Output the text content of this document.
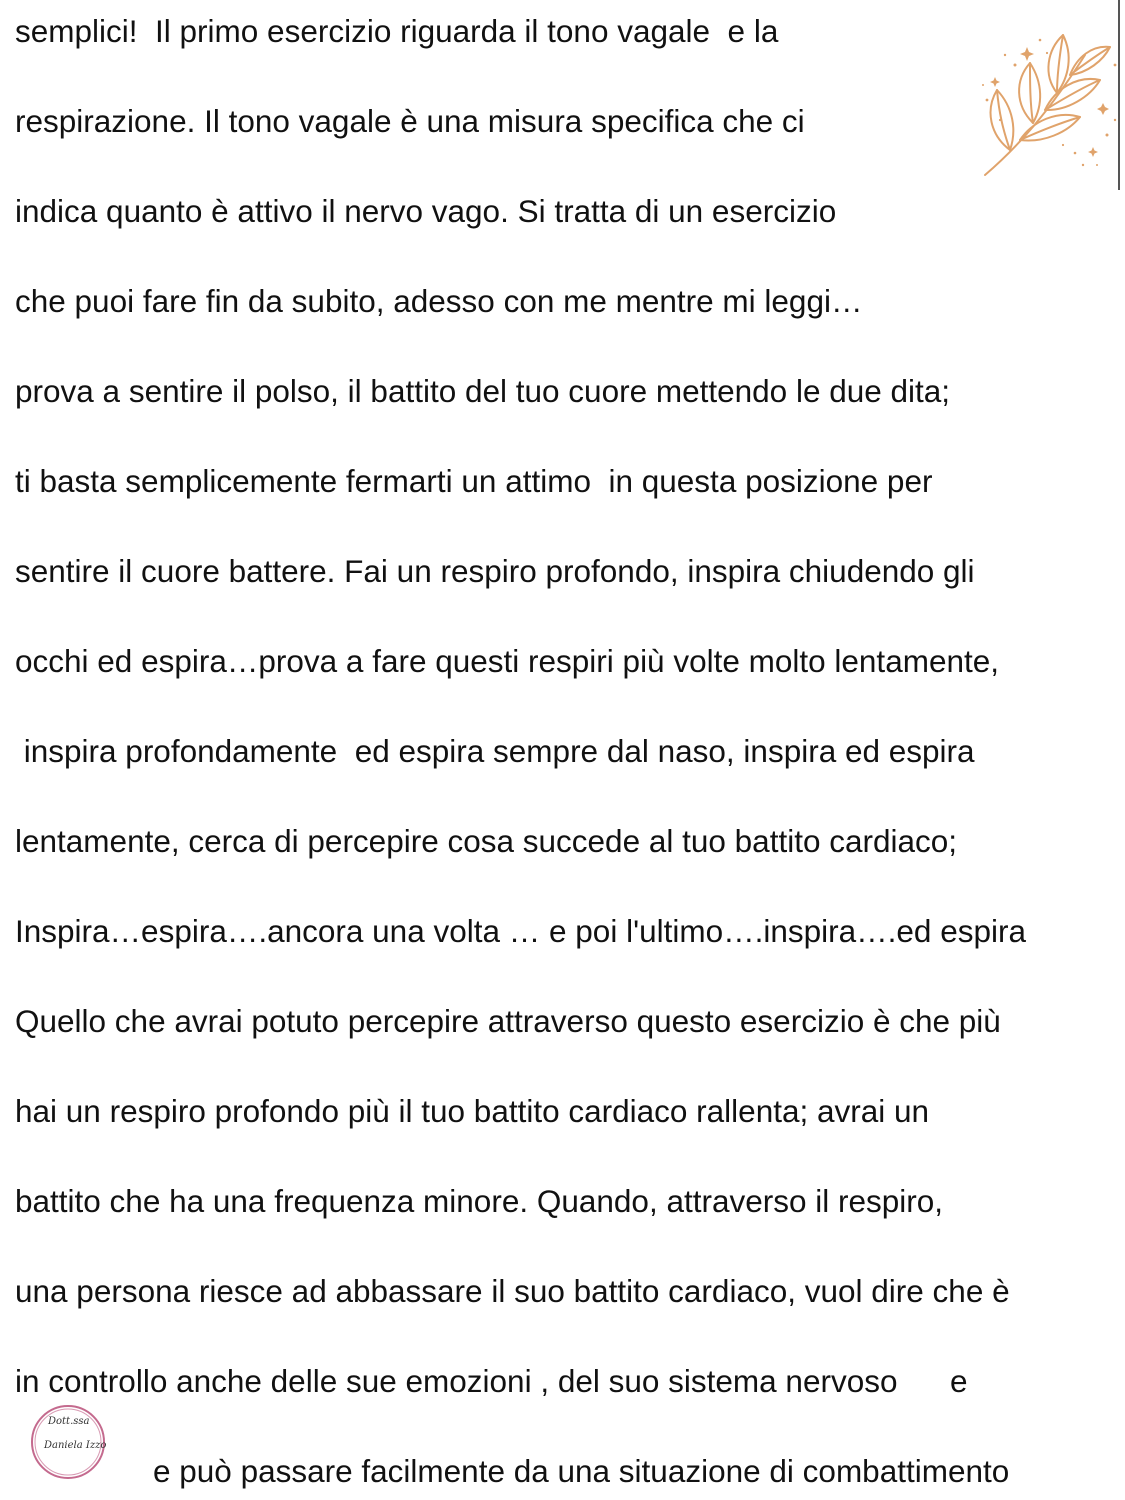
semplici!  Il primo esercizio riguarda il tono vagale  e la
respirazione. Il tono vagale è una misura specifica che ci
indica quanto è attivo il nervo vago. Si tratta di un esercizio
che puoi fare fin da subito, adesso con me mentre mi leggi…
prova a sentire il polso, il battito del tuo cuore mettendo le due dita;
ti basta semplicemente fermarti un attimo  in questa posizione per
sentire il cuore battere. Fai un respiro profondo, inspira chiudendo gli
occhi ed espira…prova a fare questi respiri più volte molto lentamente,
inspira profondamente  ed espira sempre dal naso, inspira ed espira
lentamente, cerca di percepire cosa succede al tuo battito cardiaco;
Inspira…espira….ancora una volta … e poi l'ultimo….inspira….ed espira
Quello che avrai potuto percepire attraverso questo esercizio è che più
hai un respiro profondo più il tuo battito cardiaco rallenta; avrai un
battito che ha una frequenza minore. Quando, attraverso il respiro,
una persona riesce ad abbassare il suo battito cardiaco, vuol dire che è
in controllo anche delle sue emozioni , del suo sistema nervoso      e
e può passare facilmente da una situazione di combattimento
Dott.ssa
Daniela Izzo
